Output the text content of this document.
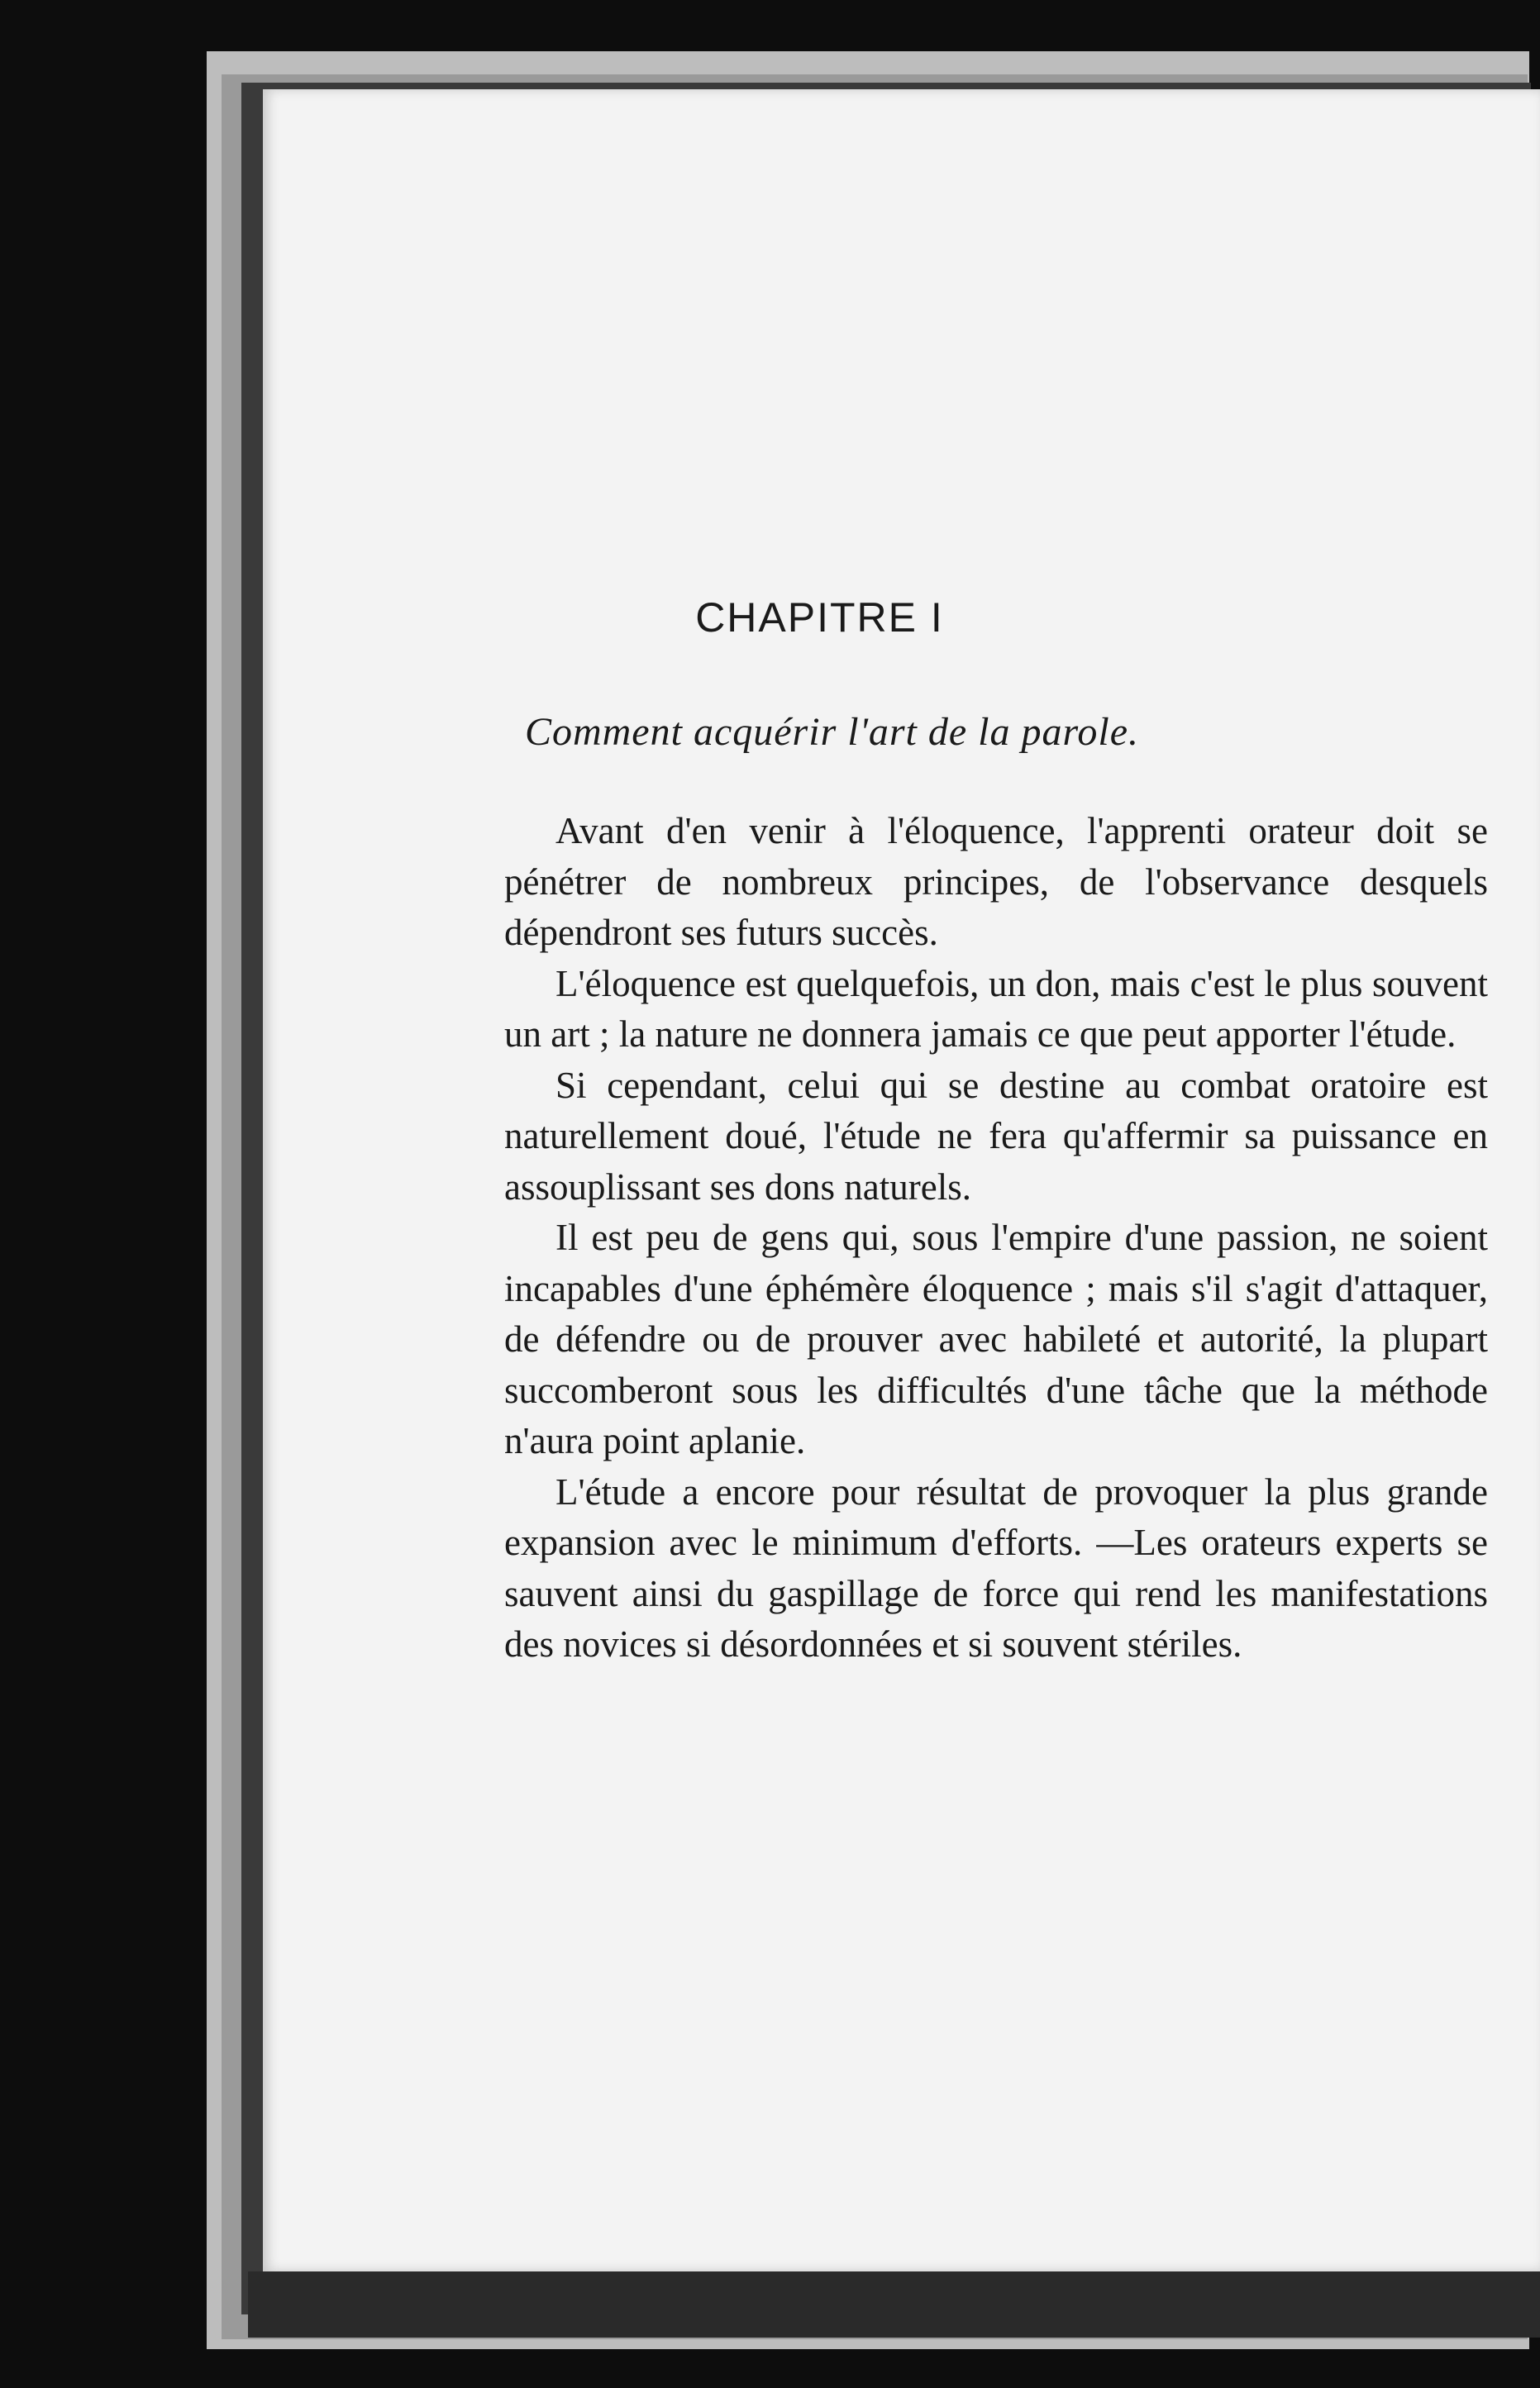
CHAPITRE I
Comment acquérir l'art de la parole.

Avant d'en venir à l'éloquence, l'apprenti orateur doit se pénétrer de nombreux principes, de l'observance desquels dépendront ses futurs succès.

L'éloquence est quelquefois, un don, mais c'est le plus souvent un art ; la nature ne donnera jamais ce que peut apporter l'étude.

Si cependant, celui qui se destine au combat oratoire est naturellement doué, l'étude ne fera qu'affermir sa puissance en assouplissant ses dons naturels.

Il est peu de gens qui, sous l'empire d'une passion, ne soient incapables d'une éphémère éloquence ; mais s'il s'agit d'attaquer, de défendre ou de prouver avec habileté et autorité, la plupart succomberont sous les difficultés d'une tâche que la méthode n'aura point aplanie.

L'étude a encore pour résultat de provoquer la plus grande expansion avec le minimum d'efforts. —Les orateurs experts se sauvent ainsi du gaspillage de force qui rend les manifestations des novices si désordonnées et si souvent stériles.
